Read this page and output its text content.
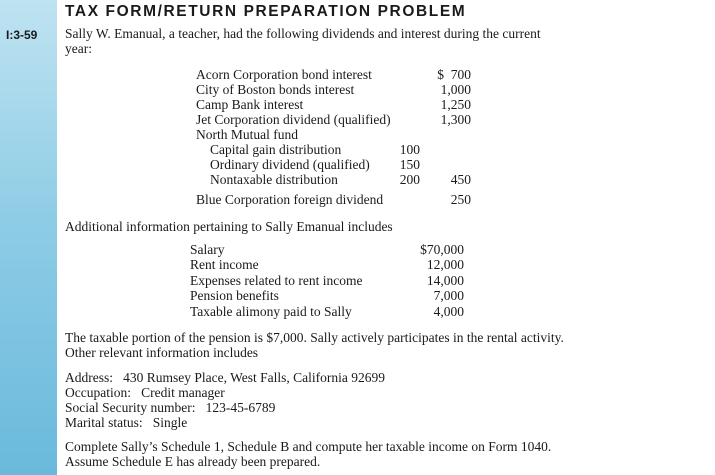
I:3-59
TAX FORM/RETURN PREPARATION PROBLEM
Sally W. Emanual, a teacher, had the following dividends and interest during the current
year:
Acorn Corporation bond interest	$  700
City of Boston bonds interest	1,000
Camp Bank interest	1,250
Jet Corporation dividend (qualified)	1,300
North Mutual fund
Capital gain distribution	100
Ordinary dividend (qualified)	150
Nontaxable distribution	200	450
Blue Corporation foreign dividend	250
Additional information pertaining to Sally Emanual includes
Salary	$70,000
Rent income	12,000
Expenses related to rent income	14,000
Pension benefits	7,000
Taxable alimony paid to Sally	4,000
The taxable portion of the pension is $7,000. Sally actively participates in the rental activity.
Other relevant information includes
Address:   430 Rumsey Place, West Falls, California 92699
Occupation:   Credit manager
Social Security number:   123-45-6789
Marital status:   Single
Complete Sally’s Schedule 1, Schedule B and compute her taxable income on Form 1040.
Assume Schedule E has already been prepared.
